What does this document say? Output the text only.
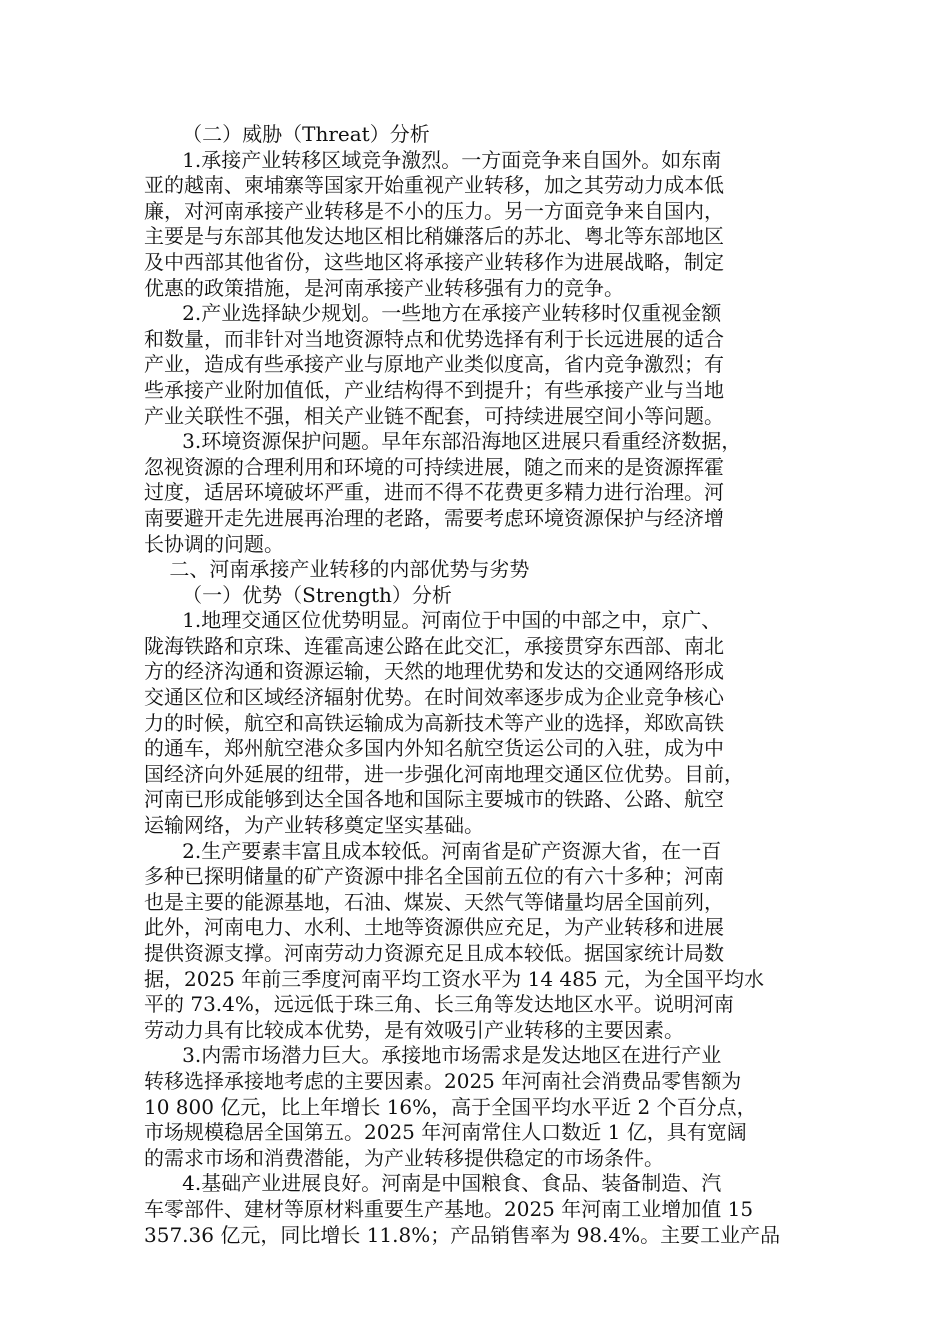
（二）威胁（Threat）分析
1.承接产业转移区域竞争激烈。一方面竞争来自国外。如东南
亚的越南、柬埔寨等国家开始重视产业转移，加之其劳动力成本低
廉，对河南承接产业转移是不小的压力。另一方面竞争来自国内，
主要是与东部其他发达地区相比稍嫌落后的苏北、粤北等东部地区
及中西部其他省份，这些地区将承接产业转移作为进展战略，制定
优惠的政策措施，是河南承接产业转移强有力的竞争。
2.产业选择缺少规划。一些地方在承接产业转移时仅重视金额
和数量，而非针对当地资源特点和优势选择有利于长远进展的适合
产业，造成有些承接产业与原地产业类似度高，省内竞争激烈；有
些承接产业附加值低，产业结构得不到提升；有些承接产业与当地
产业关联性不强，相关产业链不配套，可持续进展空间小等问题。
3.环境资源保护问题。早年东部沿海地区进展只看重经济数据，
忽视资源的合理利用和环境的可持续进展，随之而来的是资源挥霍
过度，适居环境破坏严重，进而不得不花费更多精力进行治理。河
南要避开走先进展再治理的老路，需要考虑环境资源保护与经济增
长协调的问题。
二、河南承接产业转移的内部优势与劣势
（一）优势（Strength）分析
1.地理交通区位优势明显。河南位于中国的中部之中，京广、
陇海铁路和京珠、连霍高速公路在此交汇，承接贯穿东西部、南北
方的经济沟通和资源运输，天然的地理优势和发达的交通网络形成
交通区位和区域经济辐射优势。在时间效率逐步成为企业竞争核心
力的时候，航空和高铁运输成为高新技术等产业的选择，郑欧高铁
的通车，郑州航空港众多国内外知名航空货运公司的入驻，成为中
国经济向外延展的纽带，进一步强化河南地理交通区位优势。目前，
河南已形成能够到达全国各地和国际主要城市的铁路、公路、航空
运输网络，为产业转移奠定坚实基础。
2.生产要素丰富且成本较低。河南省是矿产资源大省，在一百
多种已探明储量的矿产资源中排名全国前五位的有六十多种；河南
也是主要的能源基地，石油、煤炭、天然气等储量均居全国前列，
此外，河南电力、水利、土地等资源供应充足，为产业转移和进展
提供资源支撑。河南劳动力资源充足且成本较低。据国家统计局数
据，2025 年前三季度河南平均工资水平为 14 485 元，为全国平均水
平的 73.4%，远远低于珠三角、长三角等发达地区水平。说明河南
劳动力具有比较成本优势，是有效吸引产业转移的主要因素。
3.内需市场潜力巨大。承接地市场需求是发达地区在进行产业
转移选择承接地考虑的主要因素。2025 年河南社会消费品零售额为
10 800 亿元，比上年增长 16%，高于全国平均水平近 2 个百分点，
市场规模稳居全国第五。2025 年河南常住人口数近 1 亿，具有宽阔
的需求市场和消费潜能，为产业转移提供稳定的市场条件。
4.基础产业进展良好。河南是中国粮食、食品、装备制造、汽
车零部件、建材等原材料重要生产基地。2025 年河南工业增加值 15
357.36 亿元，同比增长 11.8%；产品销售率为 98.4%。主要工业产品
